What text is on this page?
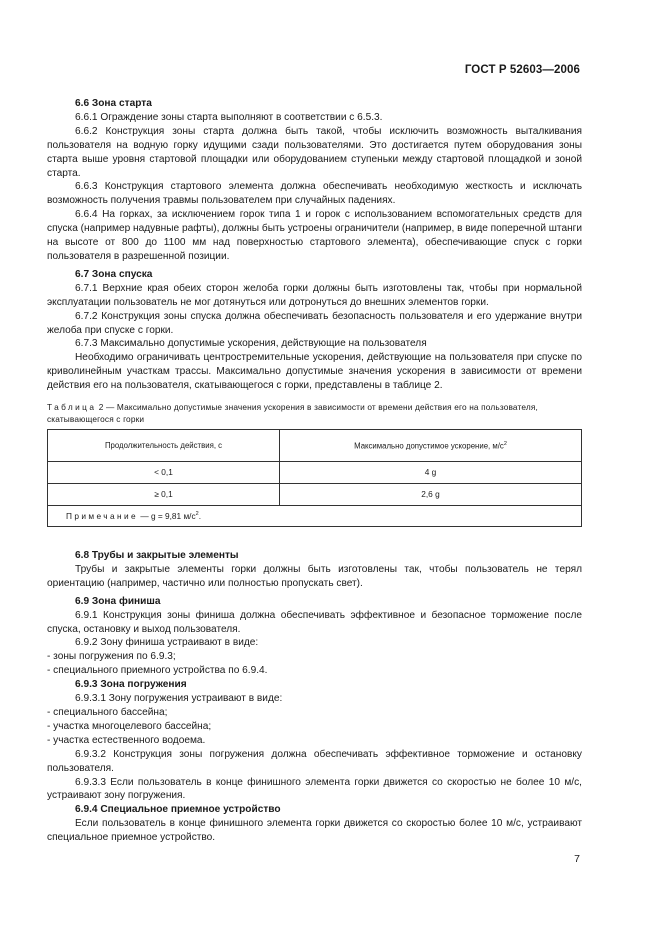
ГОСТ Р 52603—2006

6.6 Зона старта

6.6.1 Ограждение зоны старта выполняют в соответствии с 6.5.3.

6.6.2 Конструкция зоны старта должна быть такой, чтобы исключить возможность выталкивания пользователя на водную горку идущими сзади пользователями. Это достигается путем оборудования зоны старта выше уровня стартовой площадки или оборудованием ступеньки между стартовой площадкой и зоной старта.

6.6.3 Конструкция стартового элемента должна обеспечивать необходимую жесткость и исключать возможность получения травмы пользователем при случайных падениях.

6.6.4 На горках, за исключением горок типа 1 и горок с использованием вспомогательных средств для спуска (например надувные рафты), должны быть устроены ограничители (например, в виде поперечной штанги на высоте от 800 до 1100 мм над поверхностью стартового элемента), обеспечивающие спуск с горки пользователя в разрешенной позиции.

6.7 Зона спуска

6.7.1 Верхние края обеих сторон желоба горки должны быть изготовлены так, чтобы при нормальной эксплуатации пользователь не мог дотянуться или дотронуться до внешних элементов горки.

6.7.2 Конструкция зоны спуска должна обеспечивать безопасность пользователя и его удержание внутри желоба при спуске с горки.

6.7.3 Максимально допустимые ускорения, действующие на пользователя

Необходимо ограничивать центростремительные ускорения, действующие на пользователя при спуске по криволинейным участкам трассы. Максимально допустимые значения ускорения в зависимости от времени действия его на пользователя, скатывающегося с горки, представлены в таблице 2.

Таблица 2 — Максимально допустимые значения ускорения в зависимости от времени действия его на пользователя, скатывающегося с горки

Продолжительность действия, с	Максимально допустимое ускорение, $м/с^2$
< 0,1	4 g
≥ 0,1	2,6 g
Примечание — g = 9,81 $м/с^2$.	

6.8 Трубы и закрытые элементы

Трубы и закрытые элементы горки должны быть изготовлены так, чтобы пользователь не терял ориентацию (например, частично или полностью пропускать свет).

6.9 Зона финиша

6.9.1 Конструкция зоны финиша должна обеспечивать эффективное и безопасное торможение после спуска, остановку и выход пользователя.

6.9.2 Зону финиша устраивают в виде:

- зоны погружения по 6.9.3;

- специального приемного устройства по 6.9.4.

6.9.3 Зона погружения

6.9.3.1 Зону погружения устраивают в виде:

- специального бассейна;

- участка многоцелевого бассейна;

- участка естественного водоема.

6.9.3.2 Конструкция зоны погружения должна обеспечивать эффективное торможение и остановку пользователя.

6.9.3.3 Если пользователь в конце финишного элемента горки движется со скоростью не более 10 м/с, устраивают зону погружения.

6.9.4 Специальное приемное устройство

Если пользователь в конце финишного элемента горки движется со скоростью более 10 м/с, устраивают специальное приемное устройство.

7
